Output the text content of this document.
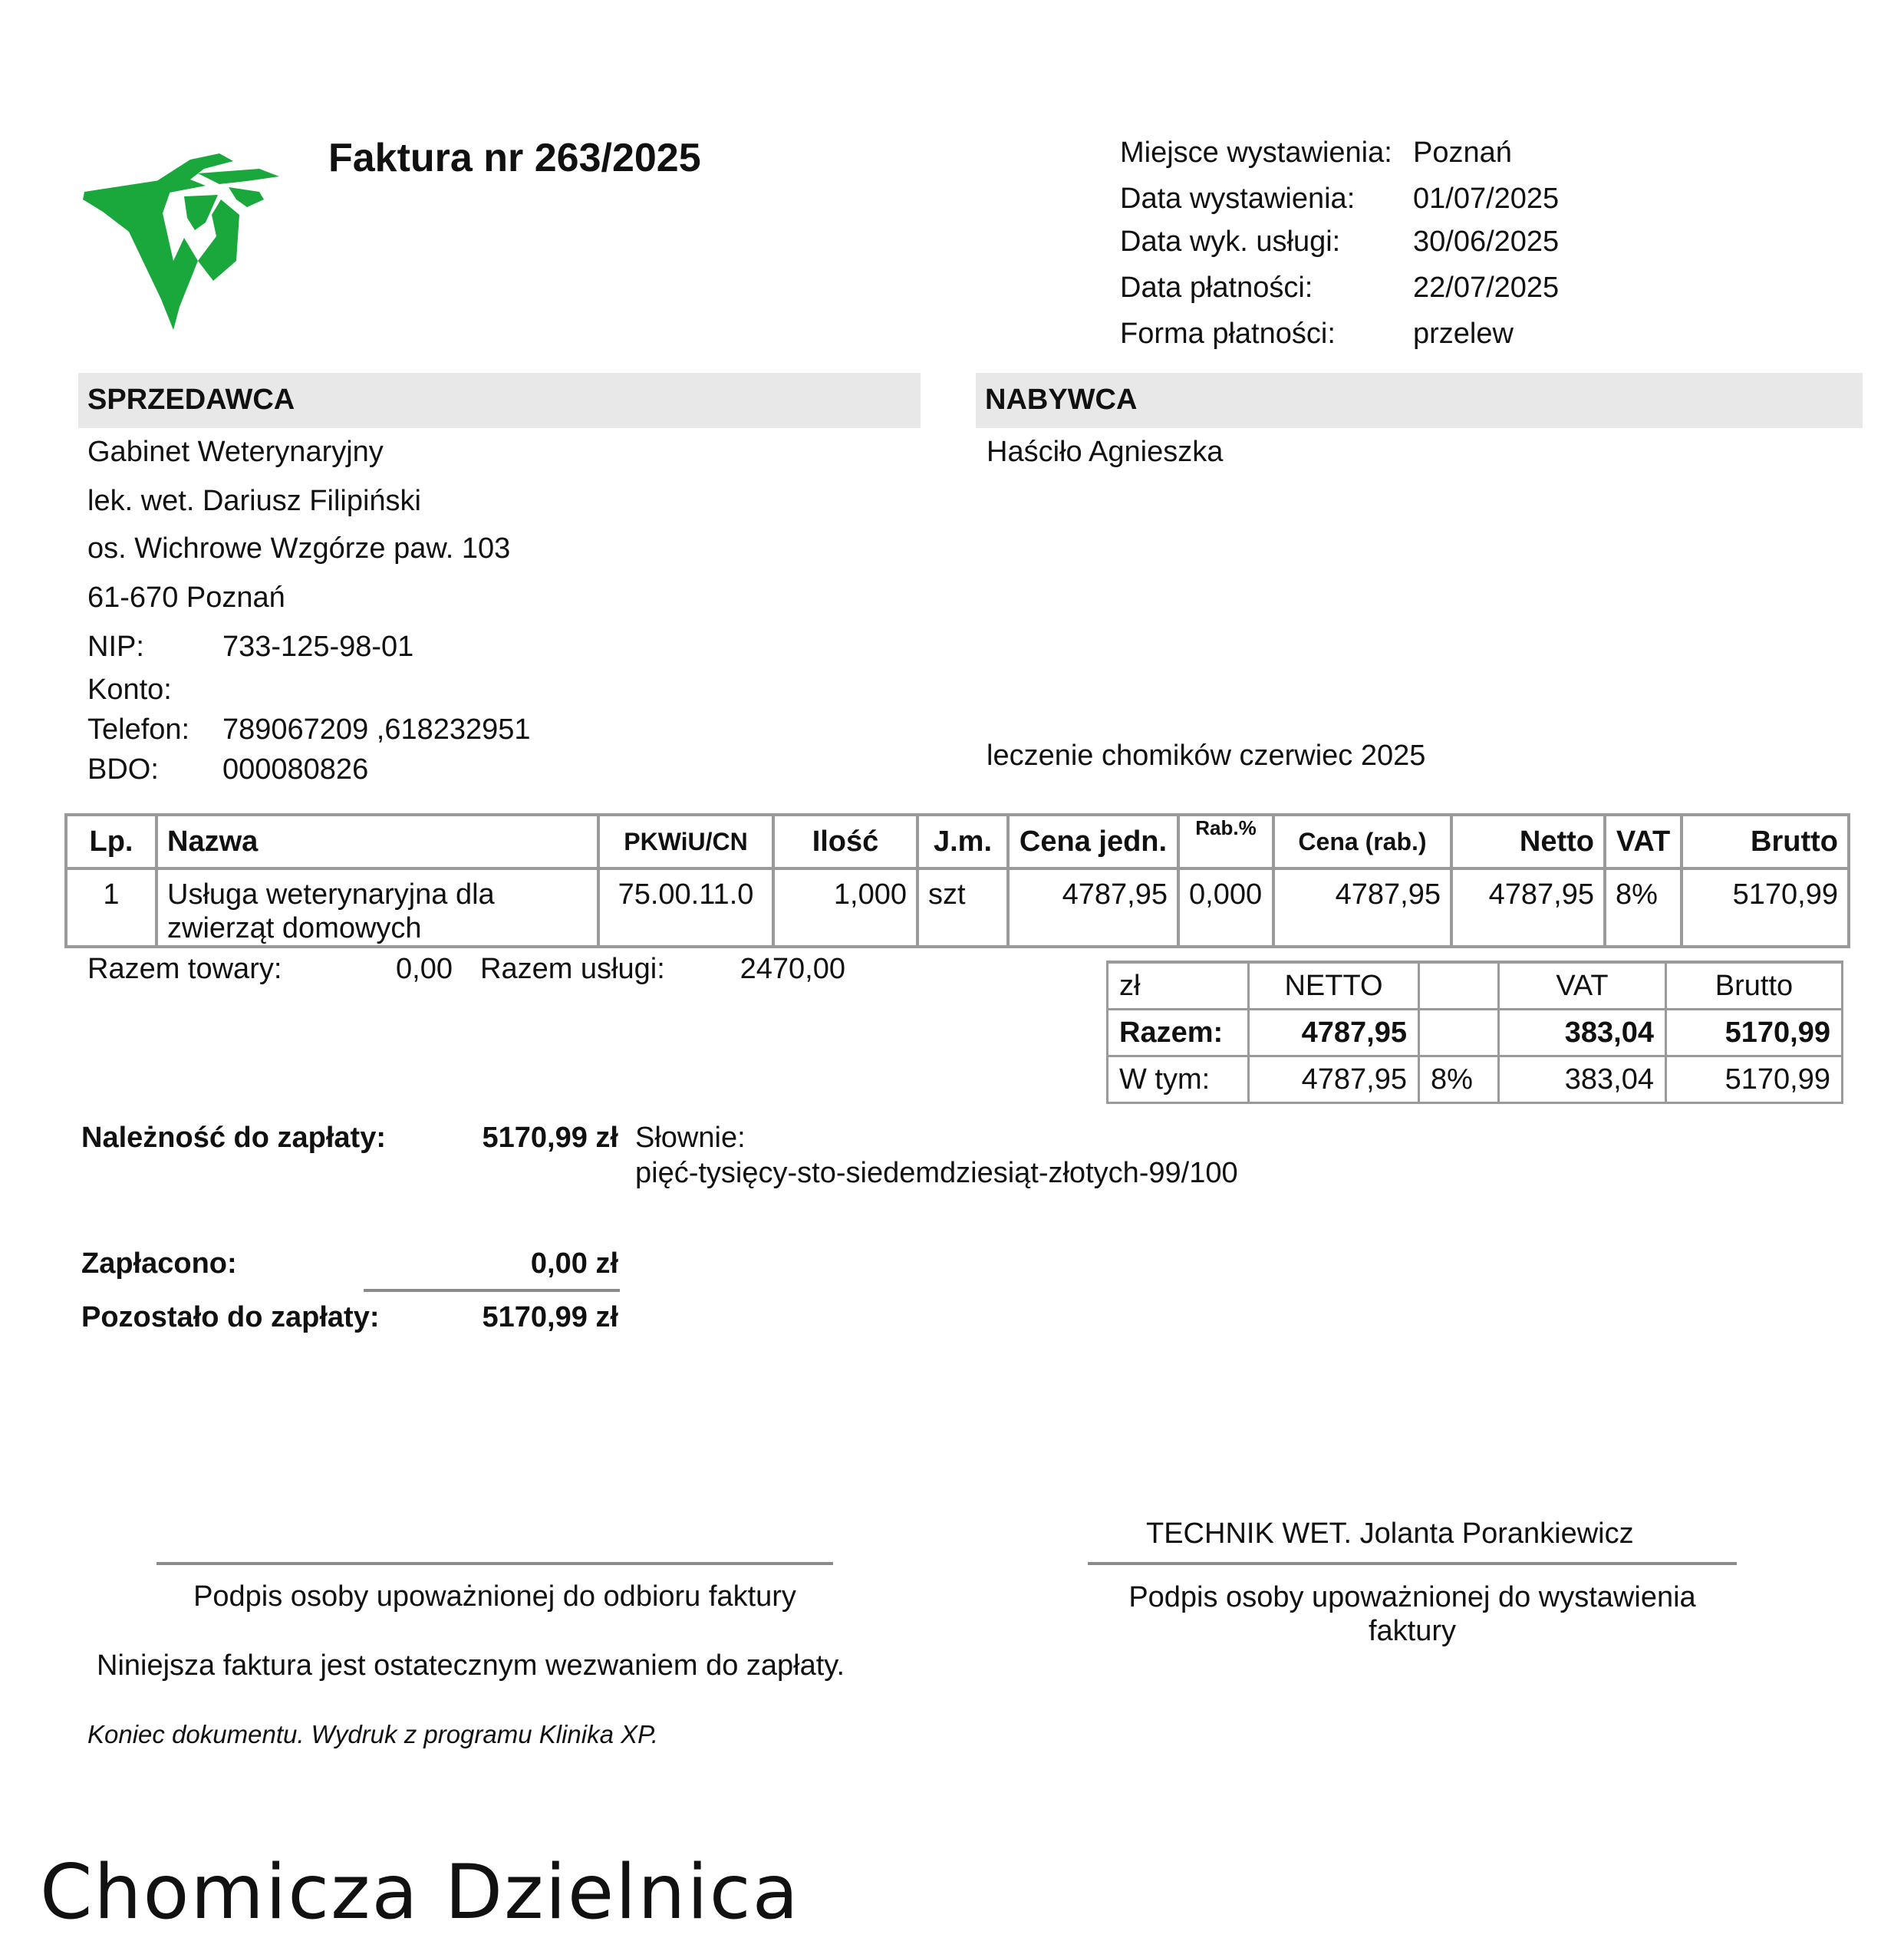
Faktura nr 263/2025	Miejsce wystawienia: Poznań
Data wystawienia: 01/07/2025
Data wyk. usługi: 30/06/2025
Data płatności:	22/07/2025
Forma płatności:	przelew
SPRZEDAWCA	NABYWCA
Gabinet Weterynaryjny
lek. wet. Dariusz Filipiński
os. Wichrowe Wzgórze paw. 103
61-670 Poznań
NIP:	733-125-98-01
Konto:
Telefon: 789067209 ,618232951
BDO: 000080826
Haściło Agnieszka
leczenie chomików czerwiec 2025
Lp.	Nazwa	PKWiU/CN	Ilość	J.m.	Cena jedn.	Rab.%	Cena (rab.)	Netto	VAT	Brutto
1	Usługa weterynaryjna dla zwierząt domowych	75.00.11.0	1,000	szt	4787,95	0,000	4787,95	4787,95	8%	5170,99
Razem towary:	0,00 Razem usługi:	2470,00
zł	NETTO		VAT	Brutto
Razem:	4787,95		383,04	5170,99
W tym:	4787,95	8%	383,04	5170,99
Należność do zapłaty:	5170,99 zł Słownie:
pięć-tysięcy-sto-siedemdziesiąt-złotych-99/100
Zapłacono:	0,00 zł
Pozostało do zapłaty:	5170,99 zł
TECHNIK WET. Jolanta Porankiewicz
Podpis osoby upoważnionej do odbioru faktury	Podpis osoby upoważnionej do wystawienia faktury
Niniejsza faktura jest ostatecznym wezwaniem do zapłaty.
Koniec dokumentu. Wydruk z programu Klinika XP.
Chomicza Dzielnica
